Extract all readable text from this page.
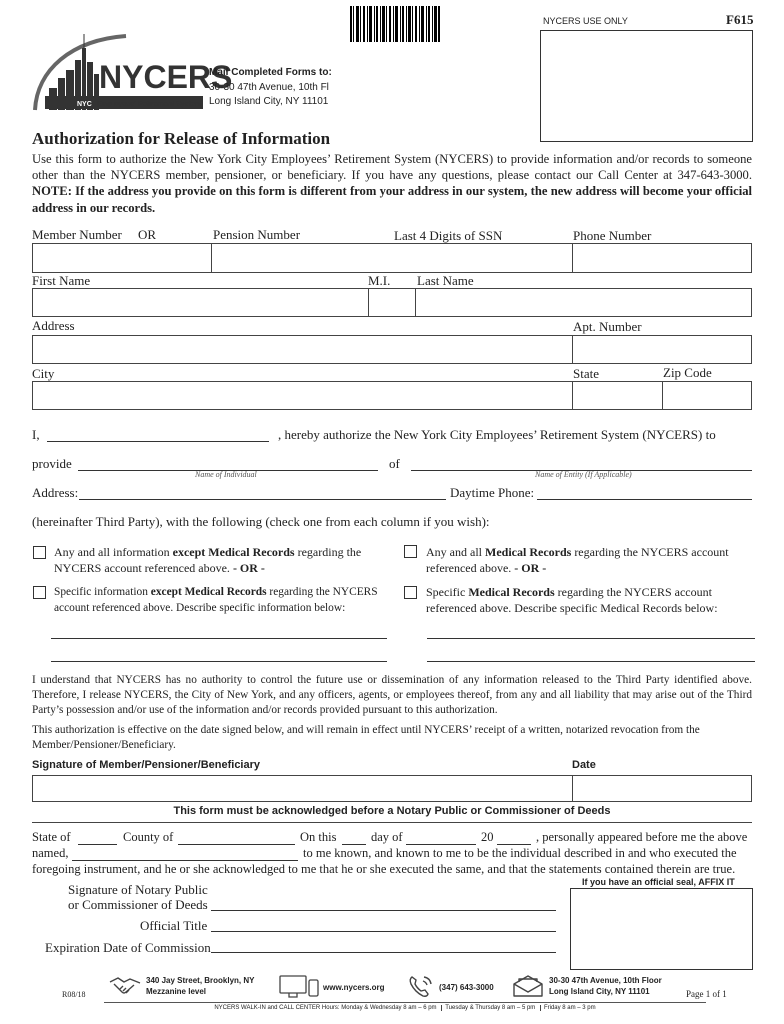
NYCERS USE ONLY	F615
NYCERS
NYC Employees' Retirement System
Mail Completed Forms to:
30-30 47th Avenue, 10th Fl
Long Island City, NY 11101
Authorization for Release of Information
Use this form to authorize the New York City Employees’ Retirement System (NYCERS) to provide information and/or records to someone other than the NYCERS member, pensioner, or beneficiary. If you have any questions, please contact our Call Center at 347-643-3000. NOTE: If the address you provide on this form is different from your address in our system, the new address will become your official address in our records.
Member Number OR	Pension Number	Last 4 Digits of SSN	Phone Number
First Name	M.I. Last Name
Address	Apt. Number
City	State	Zip Code
I,	, hereby authorize the New York City Employees’ Retirement System (NYCERS) to
provide
Name of Individual
of
Name of Entity (If Applicable)
Address:	Daytime Phone:
(hereinafter Third Party), with the following (check one from each column if you wish):
Any and all information except Medical Records regarding the
NYCERS account referenced above. - OR -
Specific information except Medical Records regarding the NYCERS
account referenced above. Describe specific information below:
Any and all Medical Records regarding the NYCERS account
referenced above. - OR -
Specific Medical Records regarding the NYCERS account
referenced above. Describe specific Medical Records below:
I understand that NYCERS has no authority to control the future use or dissemination of any information released to the Third Party identified above. Therefore, I release NYCERS, the City of New York, and any officers, agents, or employees thereof, from any and all liability that may arise out of the Third Party’s possession and/or use of the information and/or records provided pursuant to this authorization.
This authorization is effective on the date signed below, and will remain in effect until NYCERS’ receipt of a written, notarized revocation from the Member/Pensioner/Beneficiary.
Signature of Member/Pensioner/Beneficiary	Date
This form must be acknowledged before a Notary Public or Commissioner of Deeds
State of	County of	On this	day of	20	, personally appeared before me the above
named,	to me known, and known to me to be the individual described in and who executed the
foregoing instrument, and he or she acknowledged to me that he or she executed the same, and that the statements contained therein are true.
If you have an official seal, AFFIX IT
Signature of Notary Public
or Commissioner of Deeds
Official Title
Expiration Date of Commission
R08/18
340 Jay Street, Brooklyn, NY
Mezzanine level	www.nycers.org	(347) 643-3000
30-30 47th Avenue, 10th Floor
Long Island City, NY 11101	Page 1 of 1
NYCERS WALK-IN and CALL CENTER Hours: Monday & Wednesday 8 am – 6 pm Tuesday & Thursday 8 am – 5 pm Friday 8 am – 3 pm
